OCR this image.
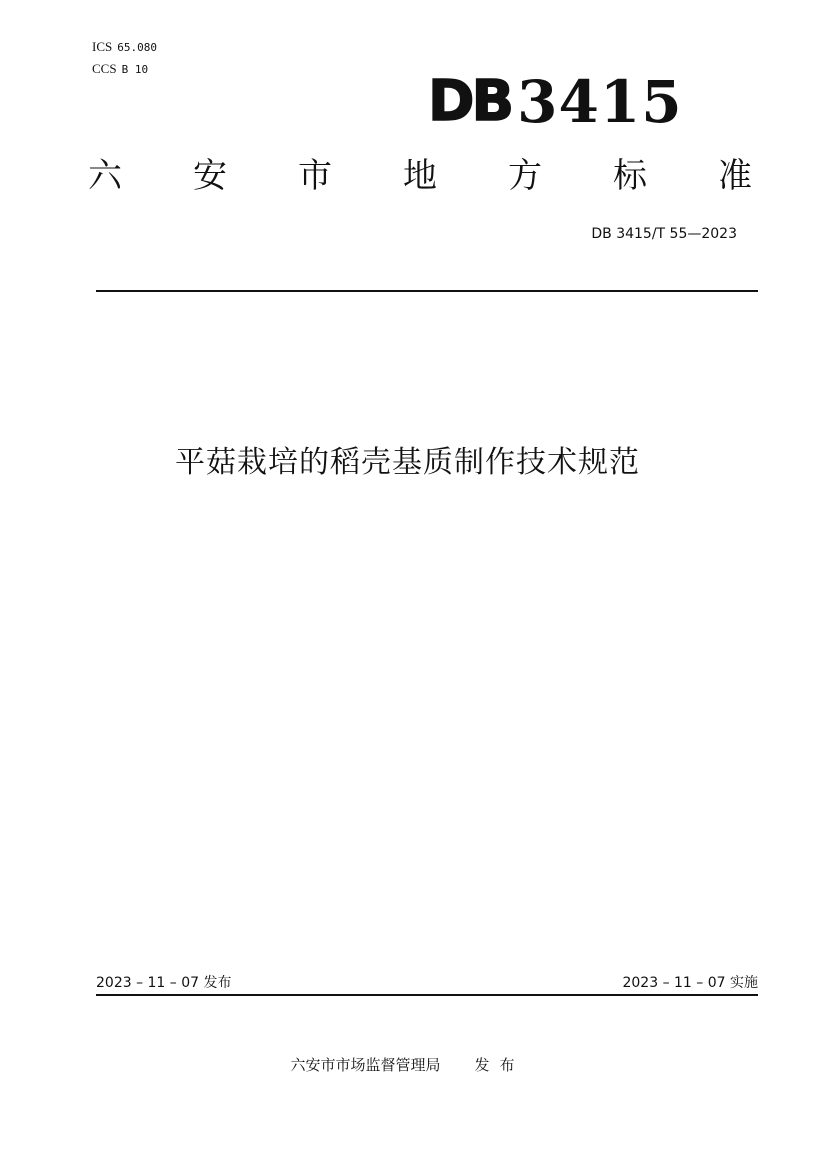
ICS 65.080
CCS B 10	DB 3415
六 安 市 地 方 标 准
DB 3415/T 55—2023
平菇栽培的稻壳基质制作技术规范
2023 – 11 – 07 发布	2023 – 11 – 07 实施
六安市市场监督管理局 发布
